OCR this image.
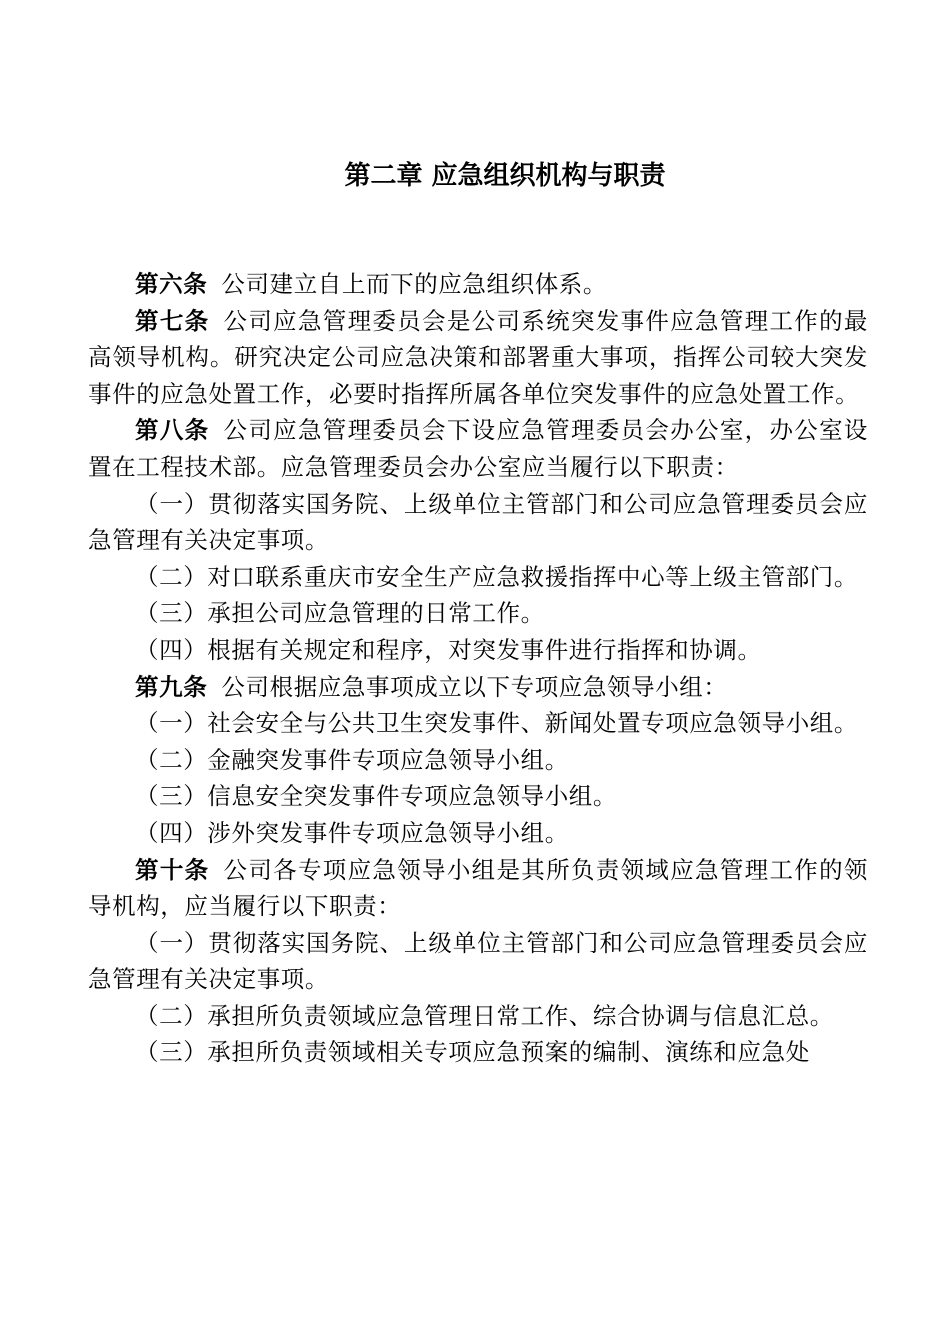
第二章 应急组织机构与职责

第六条 公司建立自上而下的应急组织体系。

第七条 公司应急管理委员会是公司系统突发事件应急管理工作的最高领导机构。研究决定公司应急决策和部署重大事项，指挥公司较大突发事件的应急处置工作，必要时指挥所属各单位突发事件的应急处置工作。

第八条 公司应急管理委员会下设应急管理委员会办公室，办公室设置在工程技术部。应急管理委员会办公室应当履行以下职责：

（一）贯彻落实国务院、上级单位主管部门和公司应急管理委员会应急管理有关决定事项。

（二）对口联系重庆市安全生产应急救援指挥中心等上级主管部门。

（三）承担公司应急管理的日常工作。

（四）根据有关规定和程序，对突发事件进行指挥和协调。

第九条 公司根据应急事项成立以下专项应急领导小组：

（一）社会安全与公共卫生突发事件、新闻处置专项应急领导小组。

（二）金融突发事件专项应急领导小组。

（三）信息安全突发事件专项应急领导小组。

（四）涉外突发事件专项应急领导小组。

第十条 公司各专项应急领导小组是其所负责领域应急管理工作的领导机构，应当履行以下职责：

（一）贯彻落实国务院、上级单位主管部门和公司应急管理委员会应急管理有关决定事项。

（二）承担所负责领域应急管理日常工作、综合协调与信息汇总。

（三）承担所负责领域相关专项应急预案的编制、演练和应急处
